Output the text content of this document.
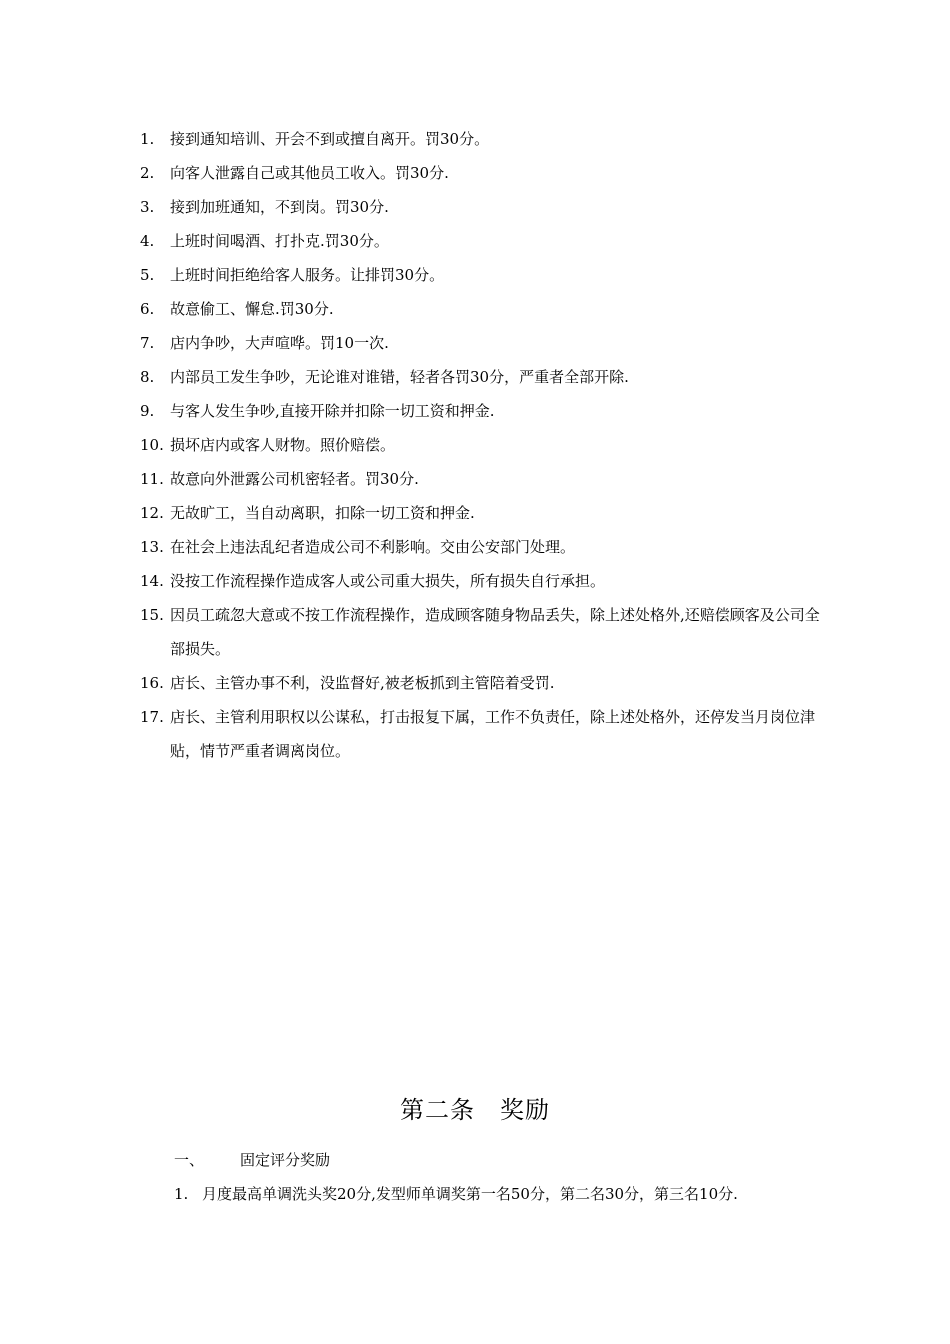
1. 接到通知培训、开会不到或擅自离开。罚30分。
2. 向客人泄露自己或其他员工收入。罚30分.
3. 接到加班通知，不到岗。罚30分.
4. 上班时间喝酒、打扑克.罚30分。
5. 上班时间拒绝给客人服务。让排罚30分。
6. 故意偷工、懈怠.罚30分.
7. 店内争吵，大声喧哗。罚10一次.
8. 内部员工发生争吵，无论谁对谁错，轻者各罚30分，严重者全部开除.
9. 与客人发生争吵,直接开除并扣除一切工资和押金.
10. 损坏店内或客人财物。照价赔偿。
11. 故意向外泄露公司机密轻者。罚30分.
12. 无故旷工，当自动离职，扣除一切工资和押金.
13. 在社会上违法乱纪者造成公司不利影响。交由公安部门处理。
14. 没按工作流程操作造成客人或公司重大损失，所有损失自行承担。
15. 因员工疏忽大意或不按工作流程操作，造成顾客随身物品丢失，除上述处格外,还赔偿顾客及公司全部损失。
16. 店长、主管办事不利，没监督好,被老板抓到主管陪着受罚.
17. 店长、主管利用职权以公谋私，打击报复下属，工作不负责任，除上述处格外，还停发当月岗位津贴，情节严重者调离岗位。
第二条　奖励
一、 固定评分奖励
1. 月度最高单调洗头奖20分,发型师单调奖第一名50分，第二名30分，第三名10分.
